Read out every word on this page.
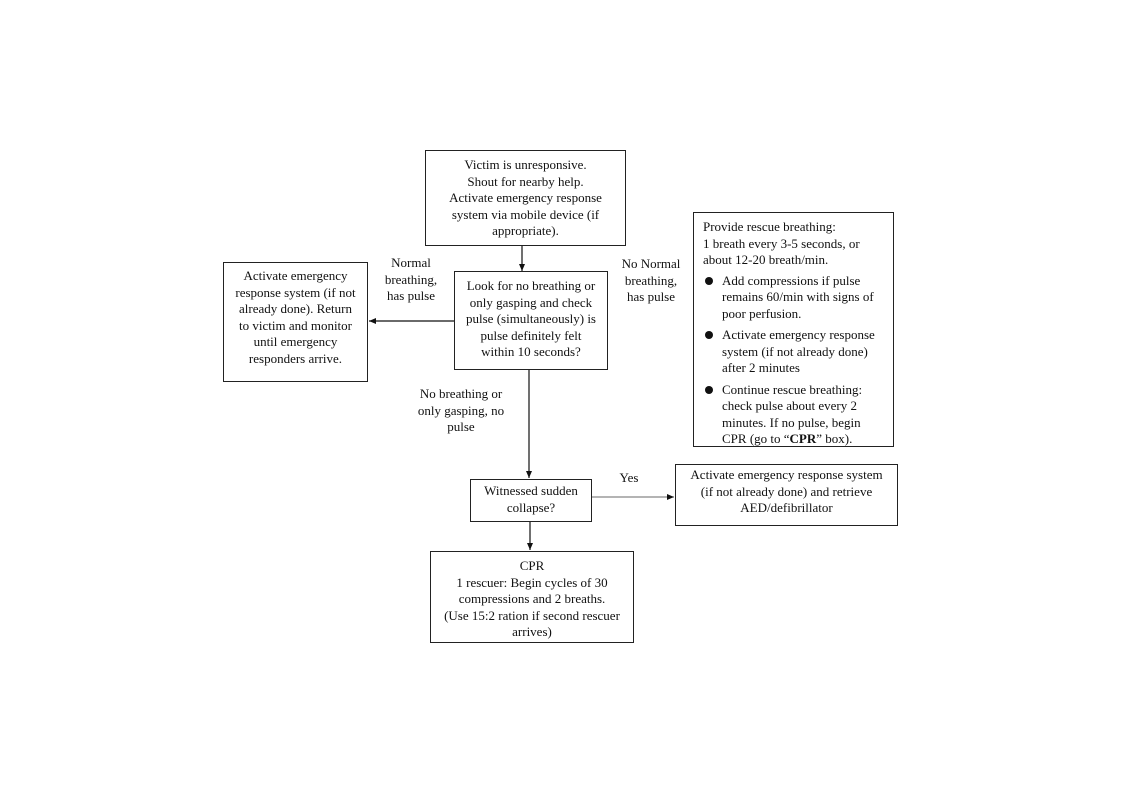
Victim is unresponsive.
Shout for nearby help.
Activate emergency response
system via mobile device (if
appropriate).
Look for no breathing or
only gasping and check
pulse (simultaneously) is
pulse definitely felt
within 10 seconds?
Activate emergency
response system (if not
already done). Return
to victim and monitor
until emergency
responders arrive.
Normal
breathing,
has pulse
No Normal
breathing,
has pulse
No breathing or
only gasping, no
pulse
Yes
Provide rescue breathing:
1 breath every 3-5 seconds, or
about 12-20 breath/min.
Add compressions if pulse
remains 60/min with signs of
poor perfusion.
Activate emergency response
system (if not already done)
after 2 minutes
Continue rescue breathing:
check pulse about every 2
minutes. If no pulse, begin
CPR (go to “CPR” box).
Witnessed sudden
collapse?
Activate emergency response system
(if not already done) and retrieve
AED/defibrillator
CPR
1 rescuer: Begin cycles of 30
compressions and 2 breaths.
(Use 15:2 ration if second rescuer
arrives)
